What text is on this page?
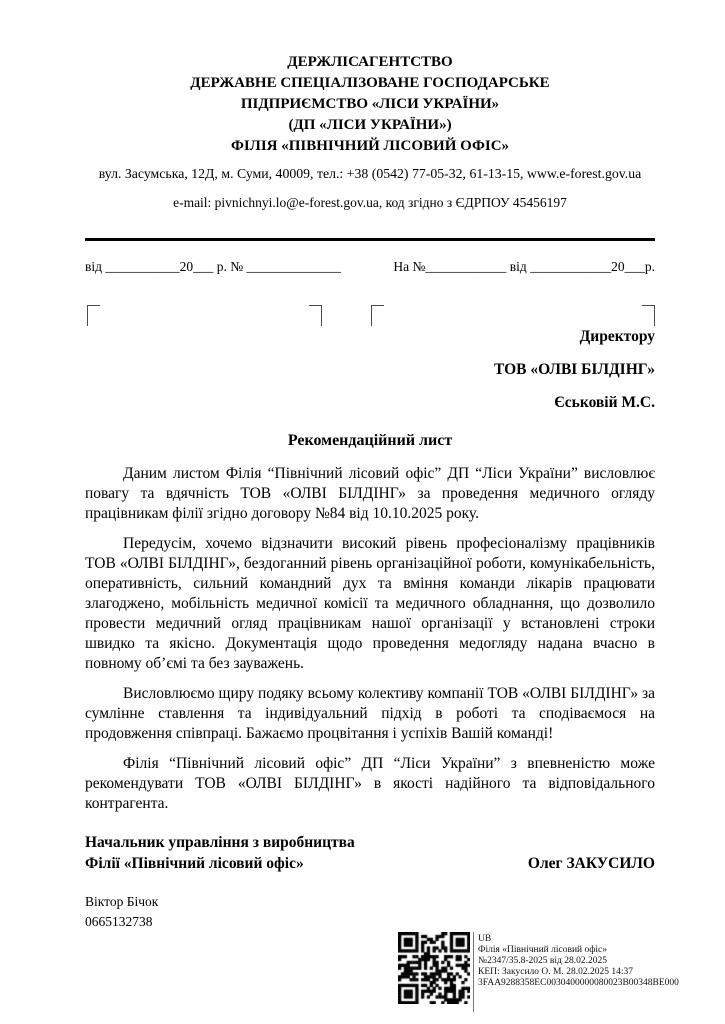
ДЕРЖЛІСАГЕНТСТВО
ДЕРЖАВНЕ СПЕЦІАЛІЗОВАНЕ ГОСПОДАРСЬКЕ
ПІДПРИЄМСТВО «ЛІСИ УКРАЇНИ»
(ДП «ЛІСИ УКРАЇНИ»)
ФІЛІЯ «ПІВНІЧНИЙ ЛІСОВИЙ ОФІС»
вул. Засумська, 12Д, м. Суми, 40009, тел.: +38 (0542) 77-05-32, 61-13-15, www.e-forest.gov.ua
e-mail: pivnichnyi.lo@e-forest.gov.ua, код згідно з ЄДРПОУ 45456197
від ___________20___ р. № ______________	На №____________ від ____________20___р.
Директору
ТОВ «ОЛВІ БІЛДІНГ»
Єськовій М.С.
Рекомендаційний лист

Даним листом Філія “Північний лісовий офіс” ДП “Ліси України” висловлює повагу та вдячність ТОВ «ОЛВІ БІЛДІНГ» за проведення медичного огляду працівникам філії згідно договору №84 від 10.10.2025 року.

Передусім, хочемо відзначити високий рівень професіоналізму працівників ТОВ «ОЛВІ БІЛДІНГ», бездоганний рівень організаційної роботи, комунікабельність, оперативність, сильний командний дух та вміння команди лікарів працювати злагоджено, мобільність медичної комісії та медичного обладнання, що дозволило провести медичний огляд працівникам нашої організації у встановлені строки швидко та якісно. Документація щодо проведення медогляду надана вчасно в повному об’ємі та без зауважень.

Висловлюємо щиру подяку всьому колективу компанії ТОВ «ОЛВІ БІЛДІНГ» за сумлінне ставлення та індивідуальний підхід в роботі та сподіваємося на продовження співпраці. Бажаємо процвітання і успіхів Вашій команді!

Філія “Північний лісовий офіс” ДП “Ліси України” з впевненістю може рекомендувати ТОВ «ОЛВІ БІЛДІНГ» в якості надійного та відповідального контрагента.

Начальник управління з виробництва
Філії «Північний лісовий офіс»	Олег ЗАКУСИЛО
Віктор Бічок
0665132738
UB
Філія «Північний лісовий офіс»
№2347/35.8-2025 від 28.02.2025
КЕП: Закусило О. М. 28.02.2025 14:37
3FAA9288358EC0030400000080023B00348BE000
